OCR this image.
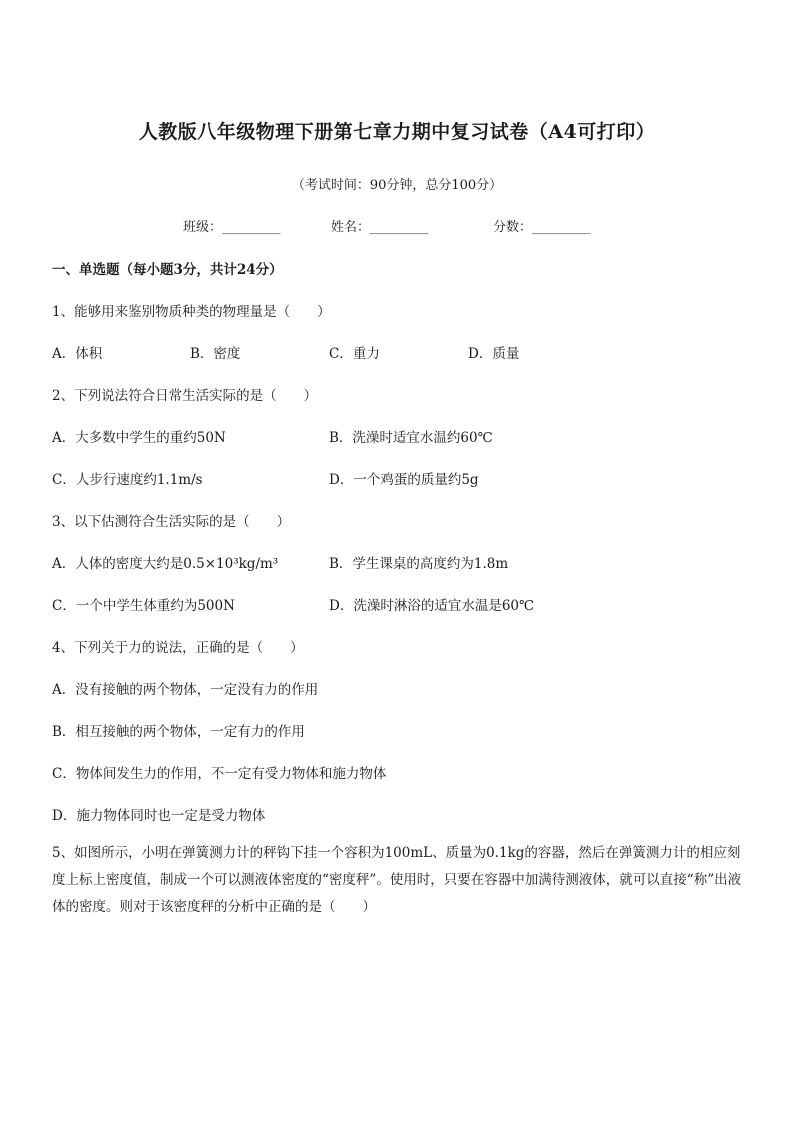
人教版八年级物理下册第七章力期中复习试卷（A4可打印）
（考试时间：90分钟，总分100分）
班级：_________	姓名：_________	分数：_________
一、单选题（每小题3分，共计24分）
1、能够用来鉴别物质种类的物理量是（　　）
A．体积	B．密度	C．重力	D．质量
2、下列说法符合日常生活实际的是（　　）
A．大多数中学生的重约50N	B．洗澡时适宜水温约60℃
C．人步行速度约1.1m/s	D．一个鸡蛋的质量约5g
3、以下估测符合生活实际的是（　　）
A．人体的密度大约是0.5×10³kg/m³	B．学生课桌的高度约为1.8m
C．一个中学生体重约为500N	D．洗澡时淋浴的适宜水温是60℃
4、下列关于力的说法，正确的是（　　）
A．没有接触的两个物体，一定没有力的作用
B．相互接触的两个物体，一定有力的作用
C．物体间发生力的作用，不一定有受力物体和施力物体
D．施力物体同时也一定是受力物体
5、如图所示，小明在弹簧测力计的秤钩下挂一个容积为100mL、质量为0.1kg的容器，然后在弹簧测力计的相应刻度上标上密度值，制成一个可以测液体密度的“密度秤”。使用时，只要在容器中加满待测液体，就可以直接“称”出液体的密度。则对于该密度秤的分析中正确的是（　　）
